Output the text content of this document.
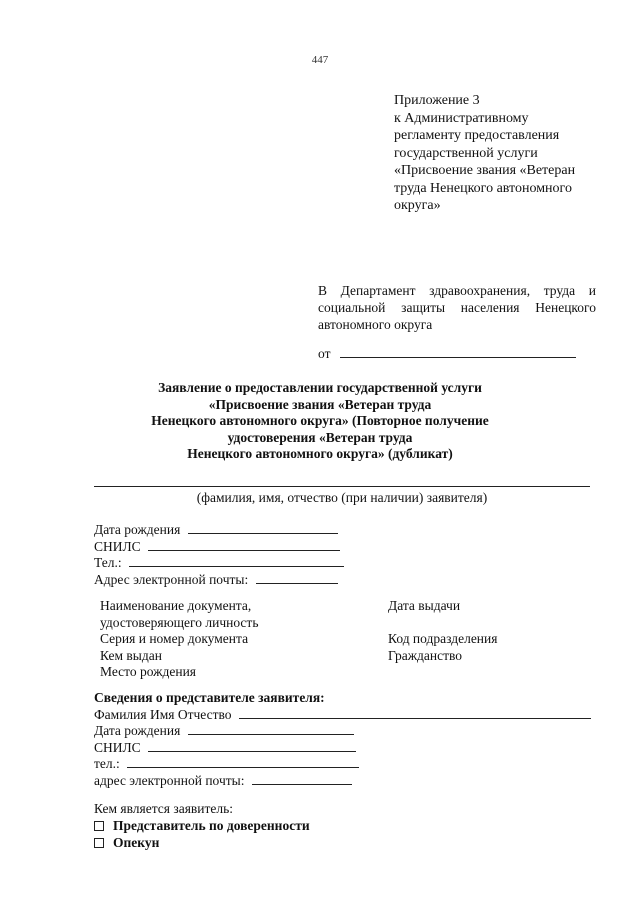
447
Приложение 3
к Административному
регламенту предоставления
государственной услуги
«Присвоение звания «Ветеран
труда Ненецкого автономного
округа»
В Департамент здравоохранения, труда и социальной защиты населения Ненецкого автономного округа
от
Заявление о предоставлении государственной услуги
«Присвоение звания «Ветеран труда
Ненецкого автономного округа» (Повторное получение
удостоверения «Ветеран труда
Ненецкого автономного округа» (дубликат)
(фамилия, имя, отчество (при наличии) заявителя)
Дата рождения
СНИЛС
Тел.:
Адрес электронной почты:
Наименование документа,
удостоверяющего личность
Серия и номер документа
Кем выдан
Место рождения
Дата выдачи
Код подразделения
Гражданство
Сведения о представителе заявителя:
Фамилия Имя Отчество
Дата рождения
СНИЛС
тел.:
адрес электронной почты:
Кем является заявитель:
Представитель по доверенности
Опекун
